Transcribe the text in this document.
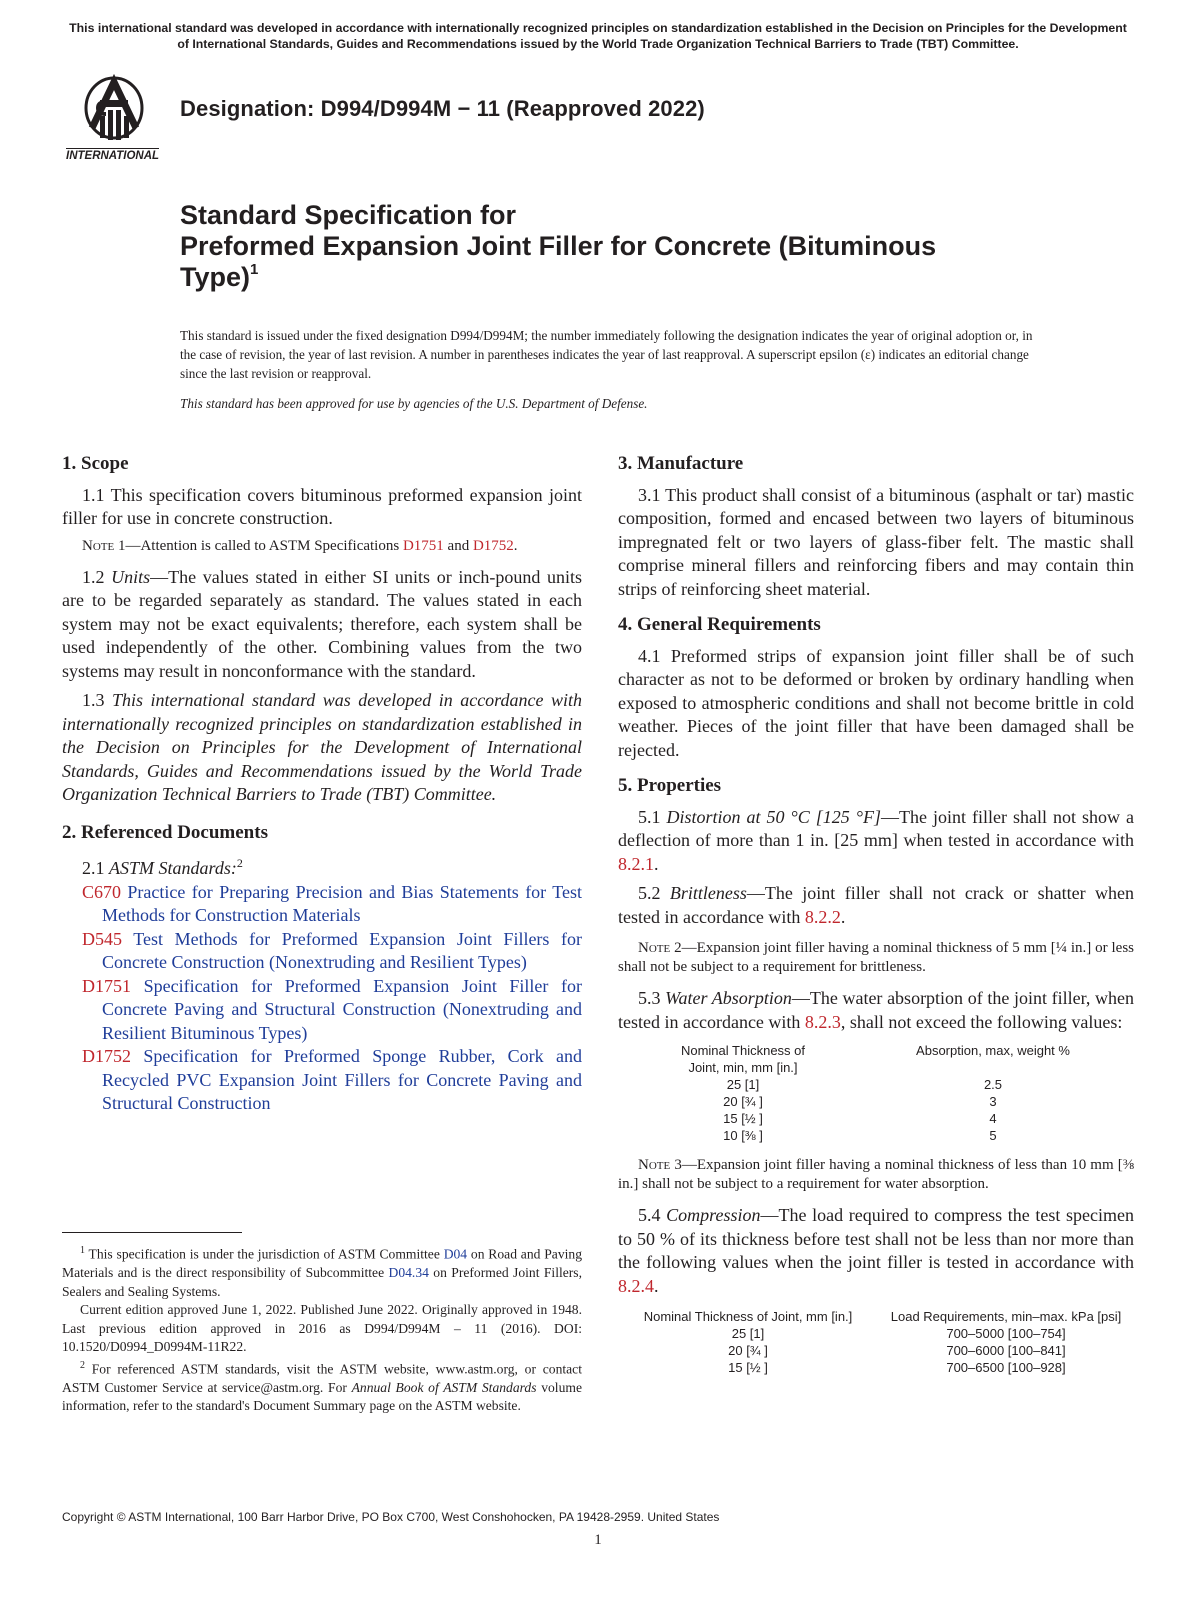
This international standard was developed in accordance with internationally recognized principles on standardization established in the Decision on Principles for the Development of International Standards, Guides and Recommendations issued by the World Trade Organization Technical Barriers to Trade (TBT) Committee.
INTERNATIONAL
Designation: D994/D994M − 11 (Reapproved 2022)
Standard Specification for
Preformed Expansion Joint Filler for Concrete (Bituminous
Type)$^1$
This standard is issued under the fixed designation D994/D994M; the number immediately following the designation indicates the year of original adoption or, in the case of revision, the year of last revision. A number in parentheses indicates the year of last reapproval. A superscript epsilon (ε) indicates an editorial change since the last revision or reapproval.
This standard has been approved for use by agencies of the U.S. Department of Defense.
1. Scope

1.1 This specification covers bituminous preformed expansion joint filler for use in concrete construction.

Note 1—Attention is called to ASTM Specifications D1751 and D1752.

1.2 Units—The values stated in either SI units or inch-pound units are to be regarded separately as standard. The values stated in each system may not be exact equivalents; therefore, each system shall be used independently of the other. Combining values from the two systems may result in nonconformance with the standard.

1.3 This international standard was developed in accordance with internationally recognized principles on standardization established in the Decision on Principles for the Development of International Standards, Guides and Recommendations issued by the World Trade Organization Technical Barriers to Trade (TBT) Committee.

2. Referenced Documents

2.1 ASTM Standards:$^2$

C670 Practice for Preparing Precision and Bias Statements for Test Methods for Construction Materials

D545 Test Methods for Preformed Expansion Joint Fillers for Concrete Construction (Nonextruding and Resilient Types)

D1751 Specification for Preformed Expansion Joint Filler for Concrete Paving and Structural Construction (Nonextruding and Resilient Bituminous Types)

D1752 Specification for Preformed Sponge Rubber, Cork and Recycled PVC Expansion Joint Fillers for Concrete Paving and Structural Construction

$^1$ This specification is under the jurisdiction of ASTM Committee D04 on Road and Paving Materials and is the direct responsibility of Subcommittee D04.34 on Preformed Joint Fillers, Sealers and Sealing Systems.

Current edition approved June 1, 2022. Published June 2022. Originally approved in 1948. Last previous edition approved in 2016 as D994/D994M – 11 (2016). DOI: 10.1520/D0994_D0994M-11R22.

$^2$ For referenced ASTM standards, visit the ASTM website, www.astm.org, or contact ASTM Customer Service at service@astm.org. For Annual Book of ASTM Standards volume information, refer to the standard's Document Summary page on the ASTM website.

3. Manufacture

3.1 This product shall consist of a bituminous (asphalt or tar) mastic composition, formed and encased between two layers of bituminous impregnated felt or two layers of glass-fiber felt. The mastic shall comprise mineral fillers and reinforcing fibers and may contain thin strips of reinforcing sheet material.

4. General Requirements

4.1 Preformed strips of expansion joint filler shall be of such character as not to be deformed or broken by ordinary handling when exposed to atmospheric conditions and shall not become brittle in cold weather. Pieces of the joint filler that have been damaged shall be rejected.

5. Properties

5.1 Distortion at 50 °C [125 °F]—The joint filler shall not show a deflection of more than 1 in. [25 mm] when tested in accordance with 8.2.1.

5.2 Brittleness—The joint filler shall not crack or shatter when tested in accordance with 8.2.2.

Note 2—Expansion joint filler having a nominal thickness of 5 mm [¼ in.] or less shall not be subject to a requirement for brittleness.

5.3 Water Absorption—The water absorption of the joint filler, when tested in accordance with 8.2.3, shall not exceed the following values:

Nominal Thickness of
Joint, min, mm [in.]
Absorption, max, weight %
25 [1]	2.5
20 [¾ ]	3
15 [½ ]	4
10 [⅜ ]	5

Note 3—Expansion joint filler having a nominal thickness of less than 10 mm [⅜ in.] shall not be subject to a requirement for water absorption.

5.4 Compression—The load required to compress the test specimen to 50 % of its thickness before test shall not be less than nor more than the following values when the joint filler is tested in accordance with 8.2.4.

Nominal Thickness of Joint, mm [in.]	Load Requirements, min–max. kPa [psi]
25 [1]	700–5000 [100–754]
20 [¾ ]	700–6000 [100–841]
15 [½ ]	700–6500 [100–928]
Copyright © ASTM International, 100 Barr Harbor Drive, PO Box C700, West Conshohocken, PA 19428-2959. United States
1
